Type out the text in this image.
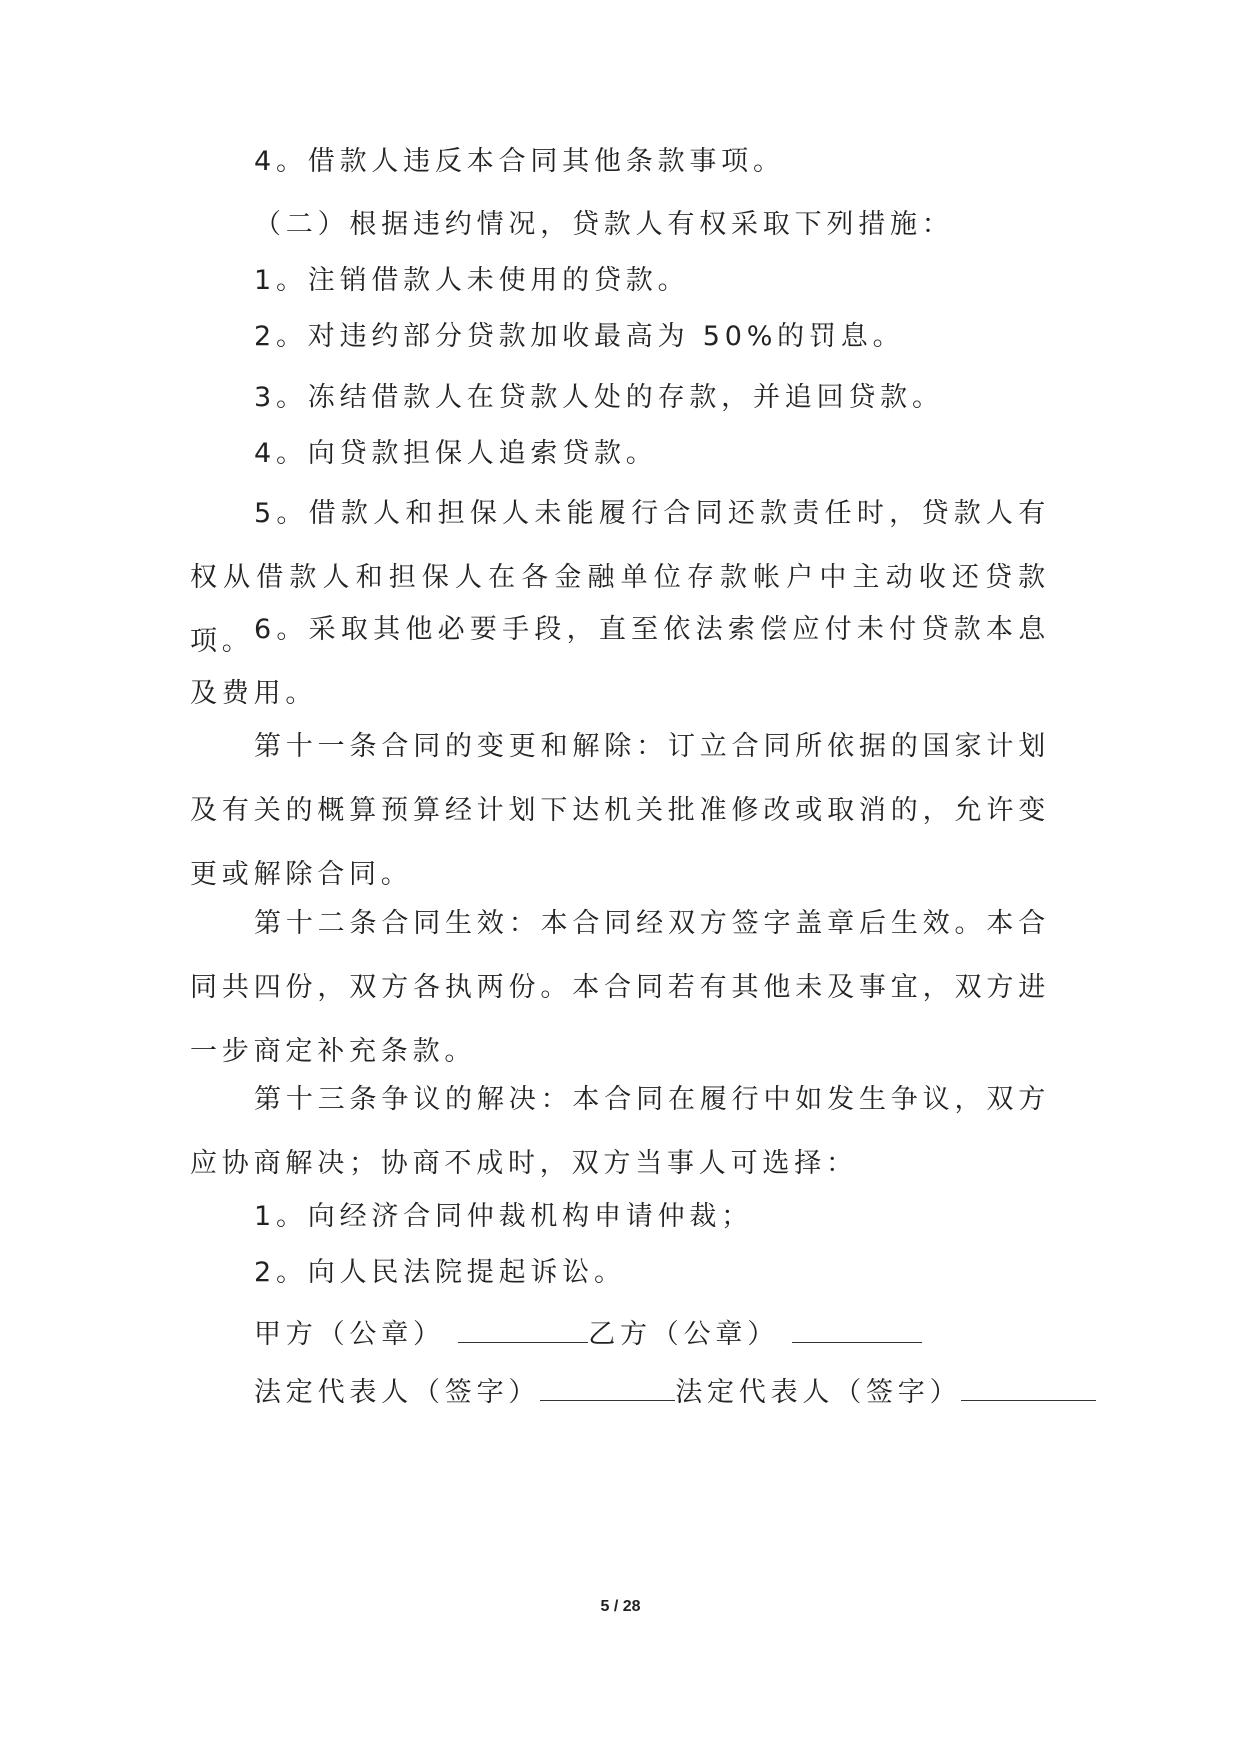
4。借款人违反本合同其他条款事项。

（二）根据违约情况，贷款人有权采取下列措施：

1。注销借款人未使用的贷款。

2。对违约部分贷款加收最高为 50%的罚息。

3。冻结借款人在贷款人处的存款，并追回贷款。

4。向贷款担保人追索贷款。

5。借款人和担保人未能履行合同还款责任时，贷款人有权从借款人和担保人在各金融单位存款帐户中主动收还贷款项。 6。采取其他必要手段，直至依法索偿应付未付贷款本息及费用。

第十一条合同的变更和解除：订立合同所依据的国家计划及有关的概算预算经计划下达机关批准修改或取消的，允许变更或解除合同。

第十二条合同生效：本合同经双方签字盖章后生效。本合同共四份，双方各执两份。本合同若有其他未及事宜，双方进一步商定补充条款。

第十三条争议的解决：本合同在履行中如发生争议，双方应协商解决；协商不成时，双方当事人可选择：

1。向经济合同仲裁机构申请仲裁；

2。向人民法院提起诉讼。

甲方（公章）	乙方（公章）
法定代表人（签字）	法定代表人（签字）
5 / 28
